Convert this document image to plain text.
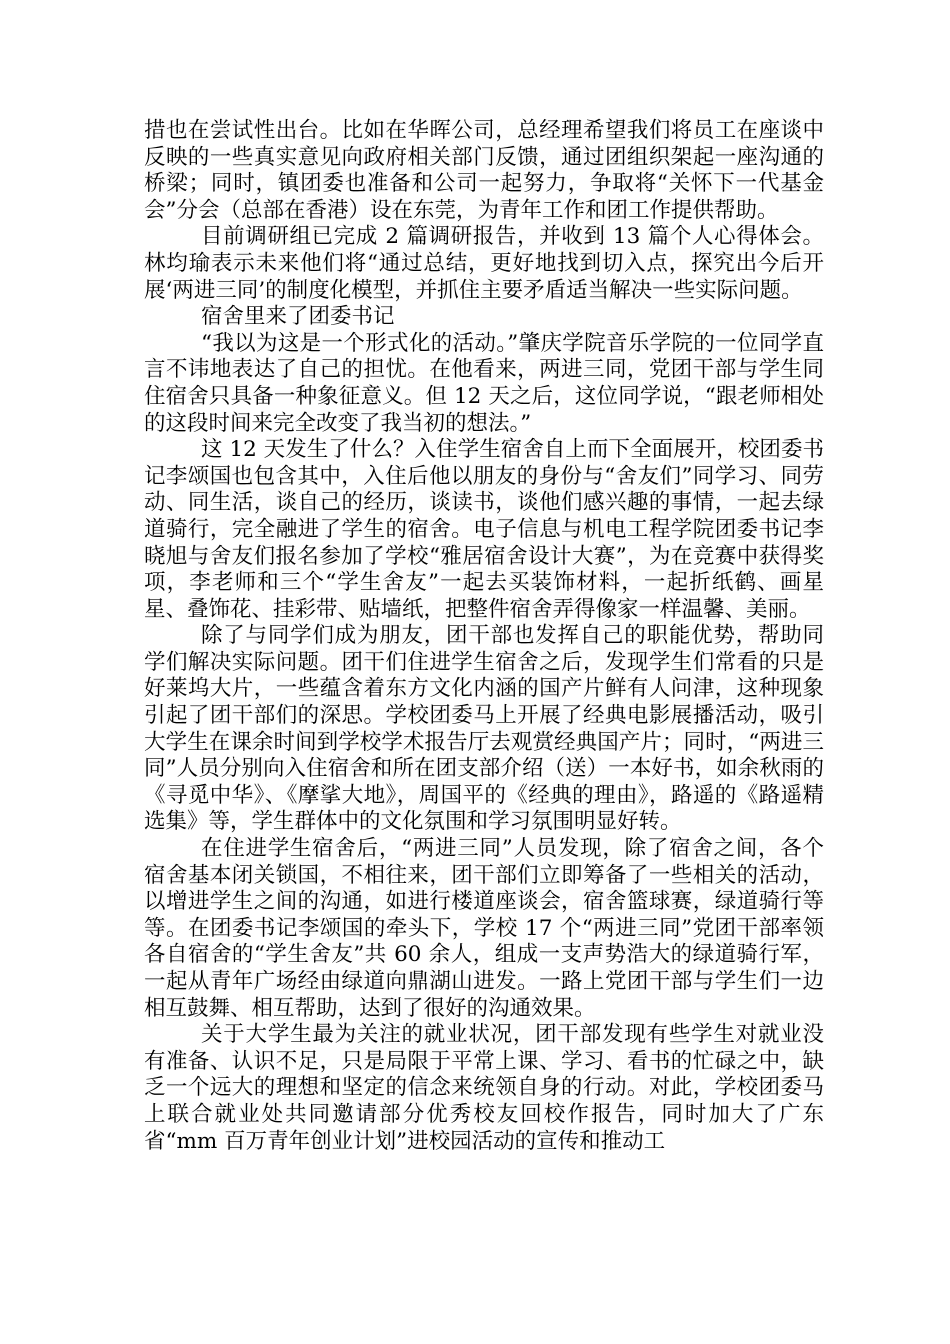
措也在尝试性出台。比如在华晖公司，总经理希望我们将员工在座谈中反映的一些真实意见向政府相关部门反馈，通过团组织架起一座沟通的桥梁；同时，镇团委也准备和公司一起努力，争取将“关怀下一代基金会”分会（总部在香港）设在东莞，为青年工作和团工作提供帮助。

目前调研组已完成 2 篇调研报告，并收到 13 篇个人心得体会。林均瑜表示未来他们将“通过总结，更好地找到切入点，探究出今后开展‘两进三同’的制度化模型，并抓住主要矛盾适当解决一些实际问题。

宿舍里来了团委书记

“我以为这是一个形式化的活动。”肇庆学院音乐学院的一位同学直言不讳地表达了自己的担忧。在他看来，两进三同，党团干部与学生同住宿舍只具备一种象征意义。但 12 天之后，这位同学说，“跟老师相处的这段时间来完全改变了我当初的想法。”

这 12 天发生了什么？入住学生宿舍自上而下全面展开，校团委书记李颂国也包含其中，入住后他以朋友的身份与“舍友们”同学习、同劳动、同生活，谈自己的经历，谈读书，谈他们感兴趣的事情，一起去绿道骑行，完全融进了学生的宿舍。电子信息与机电工程学院团委书记李晓旭与舍友们报名参加了学校“雅居宿舍设计大赛”，为在竞赛中获得奖项，李老师和三个“学生舍友”一起去买装饰材料，一起折纸鹤、画星星、叠饰花、挂彩带、贴墙纸，把整件宿舍弄得像家一样温馨、美丽。

除了与同学们成为朋友，团干部也发挥自己的职能优势，帮助同学们解决实际问题。团干们住进学生宿舍之后，发现学生们常看的只是好莱坞大片，一些蕴含着东方文化内涵的国产片鲜有人问津，这种现象引起了团干部们的深思。学校团委马上开展了经典电影展播活动，吸引大学生在课余时间到学校学术报告厅去观赏经典国产片；同时，“两进三同”人员分别向入住宿舍和所在团支部介绍（送）一本好书，如余秋雨的《寻觅中华》、《摩挲大地》，周国平的《经典的理由》，路遥的《路遥精选集》等，学生群体中的文化氛围和学习氛围明显好转。

在住进学生宿舍后，“两进三同”人员发现，除了宿舍之间，各个宿舍基本闭关锁国，不相往来，团干部们立即筹备了一些相关的活动，以增进学生之间的沟通，如进行楼道座谈会，宿舍篮球赛，绿道骑行等等。在团委书记李颂国的牵头下，学校 17 个“两进三同”党团干部率领各自宿舍的“学生舍友”共 60 余人，组成一支声势浩大的绿道骑行军，一起从青年广场经由绿道向鼎湖山进发。一路上党团干部与学生们一边相互鼓舞、相互帮助，达到了很好的沟通效果。

关于大学生最为关注的就业状况，团干部发现有些学生对就业没有准备、认识不足，只是局限于平常上课、学习、看书的忙碌之中，缺乏一个远大的理想和坚定的信念来统领自身的行动。对此，学校团委马上联合就业处共同邀请部分优秀校友回校作报告，同时加大了广东省“mm 百万青年创业计划”进校园活动的宣传和推动工
